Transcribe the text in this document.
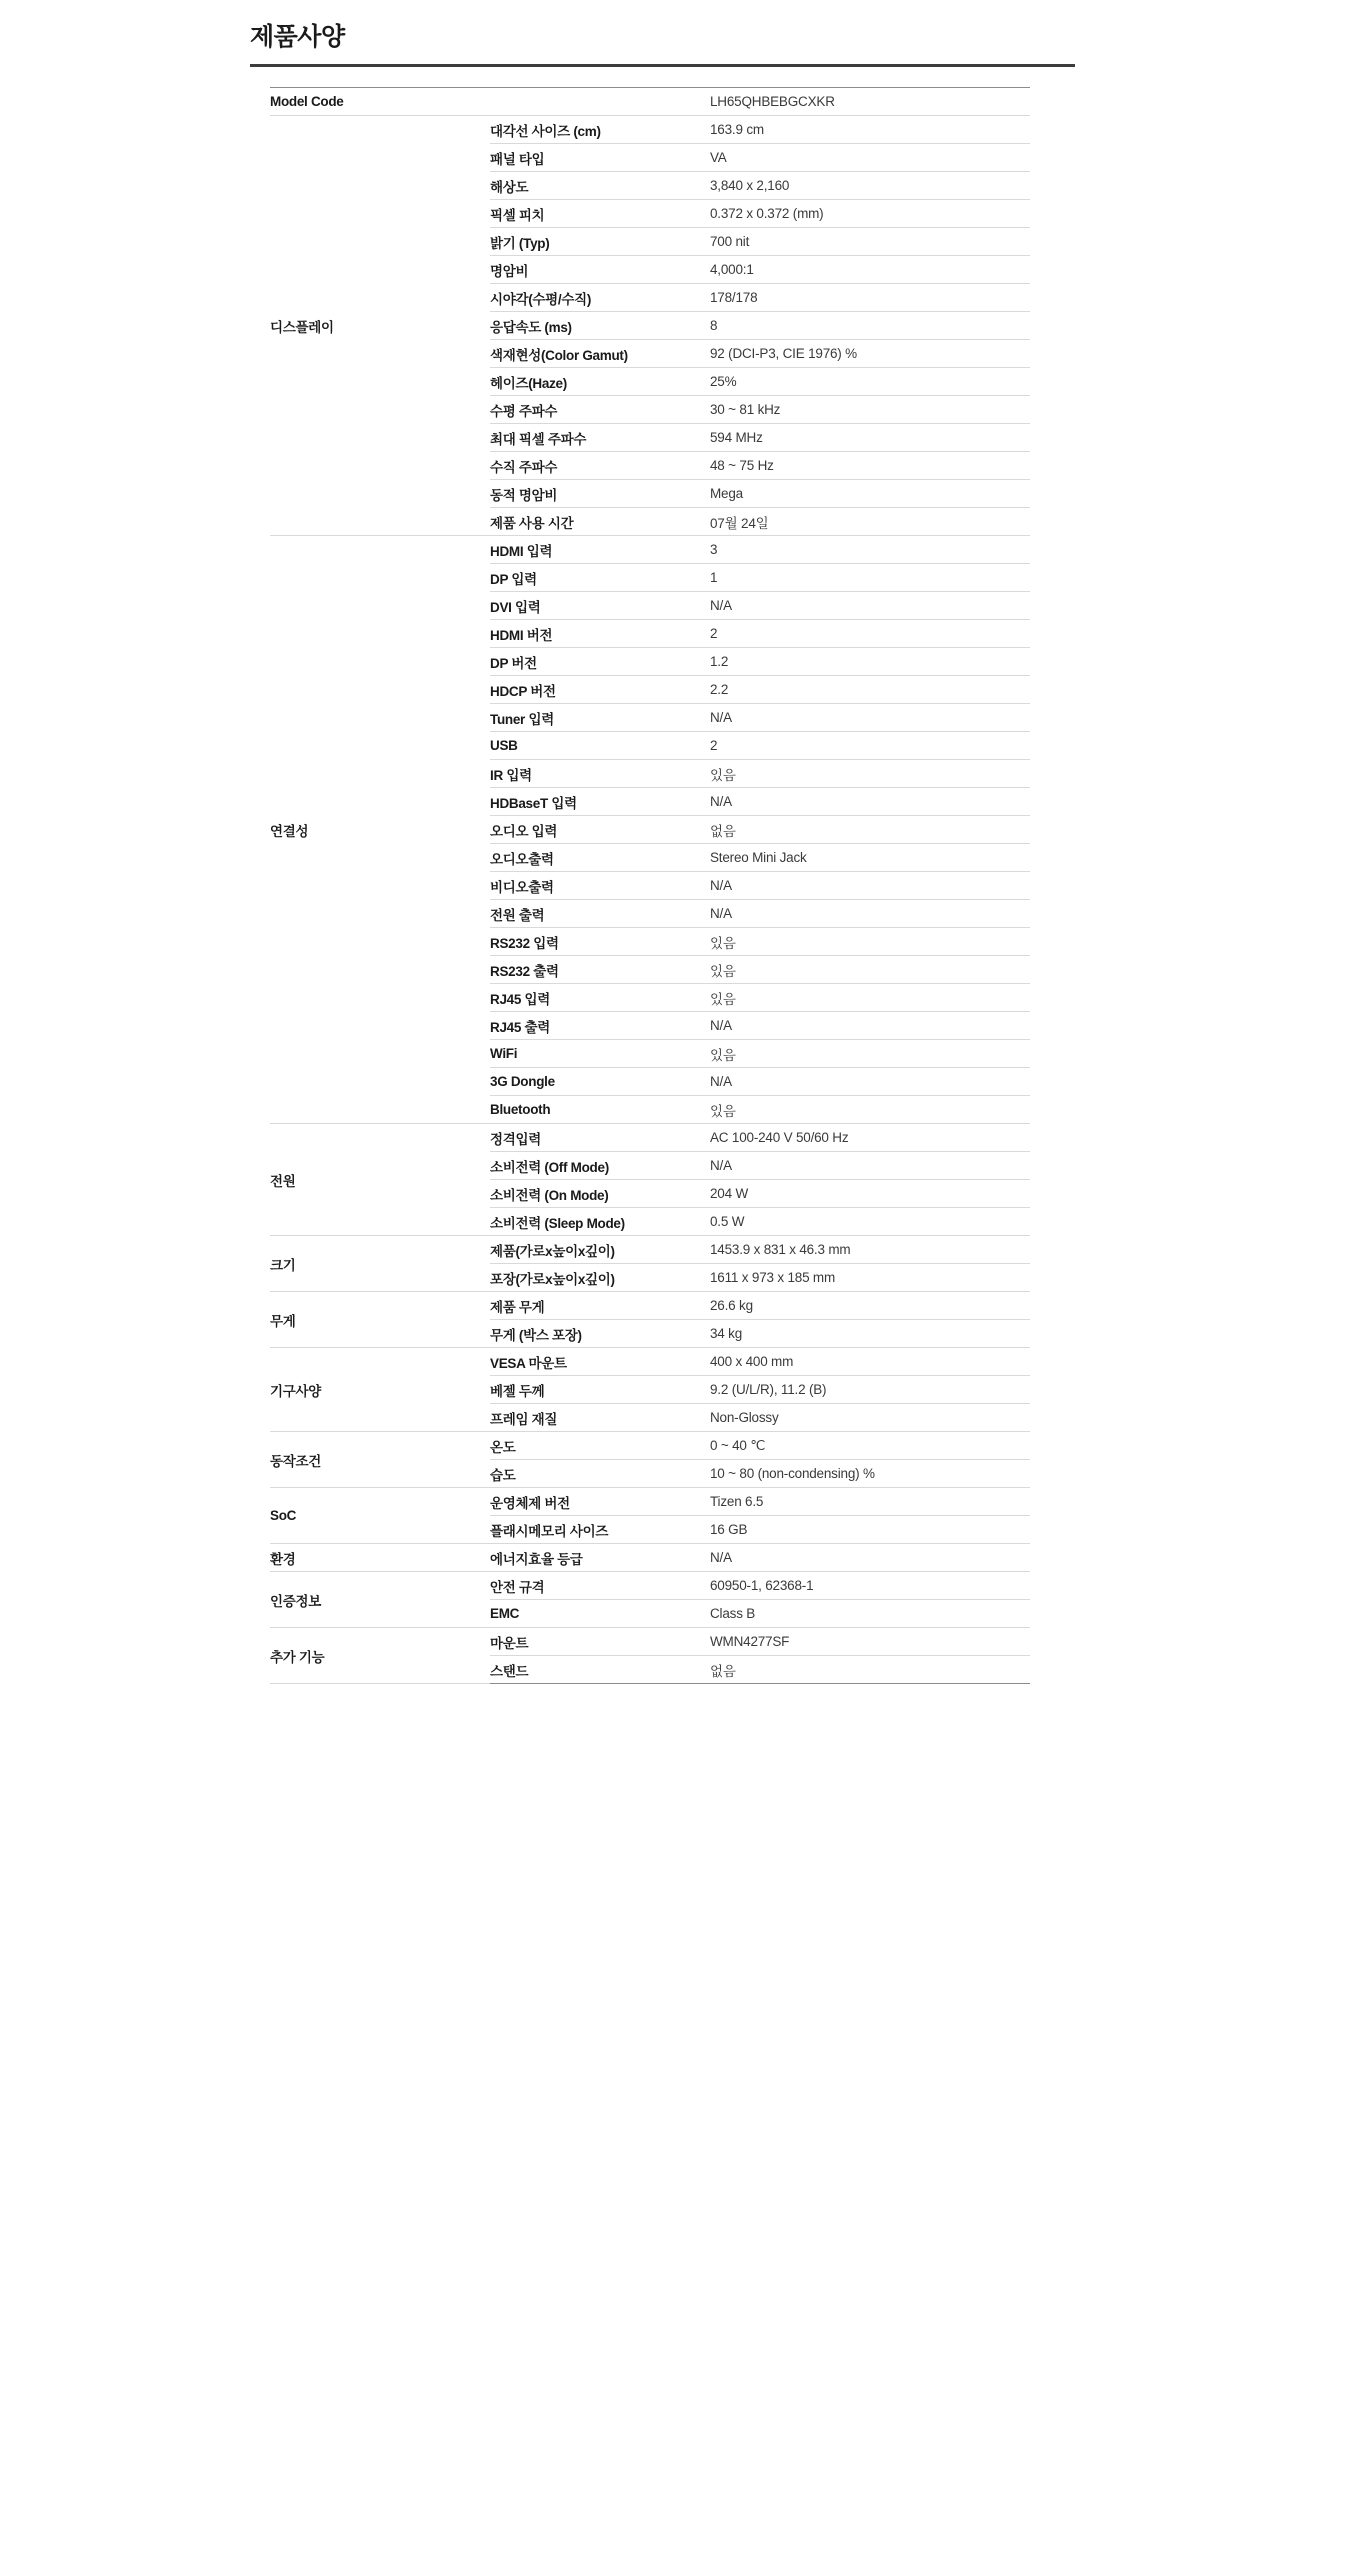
제품사양
Model Code		LH65QHBEBGCXKR

디스플레이	대각선 사이즈 (cm)	163.9 cm

	패널 타입	VA

	해상도	3,840 x 2,160

	픽셀 피치	0.372 x 0.372 (mm)

	밝기 (Typ)	700 nit

	명암비	4,000:1

	시야각(수평/수직)	178/178

	응답속도 (ms)	8

	색재현성(Color Gamut)	92 (DCI-P3, CIE 1976) %

	헤이즈(Haze)	25%

	수평 주파수	30 ~ 81 kHz

	최대 픽셀 주파수	594 MHz

	수직 주파수	48 ~ 75 Hz

	동적 명암비	Mega

	제품 사용 시간	07월 24일

연결성	HDMI 입력	3

	DP 입력	1

	DVI 입력	N/A

	HDMI 버전	2

	DP 버전	1.2

	HDCP 버전	2.2

	Tuner 입력	N/A

	USB	2

	IR 입력	있음

	HDBaseT 입력	N/A

	오디오 입력	없음

	오디오출력	Stereo Mini Jack

	비디오출력	N/A

	전원 출력	N/A

	RS232 입력	있음

	RS232 출력	있음

	RJ45 입력	있음

	RJ45 출력	N/A

	WiFi	있음

	3G Dongle	N/A

	Bluetooth	있음

전원	정격입력	AC 100-240 V 50/60 Hz

	소비전력 (Off Mode)	N/A

	소비전력 (On Mode)	204 W

	소비전력 (Sleep Mode)	0.5 W

크기	제품(가로x높이x깊이)	1453.9 x 831 x 46.3 mm

	포장(가로x높이x깊이)	1611 x 973 x 185 mm

무게	제품 무게	26.6 kg

	무게 (박스 포장)	34 kg

기구사양	VESA 마운트	400 x 400 mm

	베젤 두께	9.2 (U/L/R), 11.2 (B)

	프레임 재질	Non-Glossy

동작조건	온도	0 ~ 40 ℃

	습도	10 ~ 80 (non-condensing) %

SoC	운영체제 버전	Tizen 6.5

	플래시메모리 사이즈	16 GB

환경	에너지효율 등급	N/A

인증정보	안전 규격	60950-1, 62368-1

	EMC	Class B

추가 기능	마운트	WMN4277SF

	스탠드	없음
